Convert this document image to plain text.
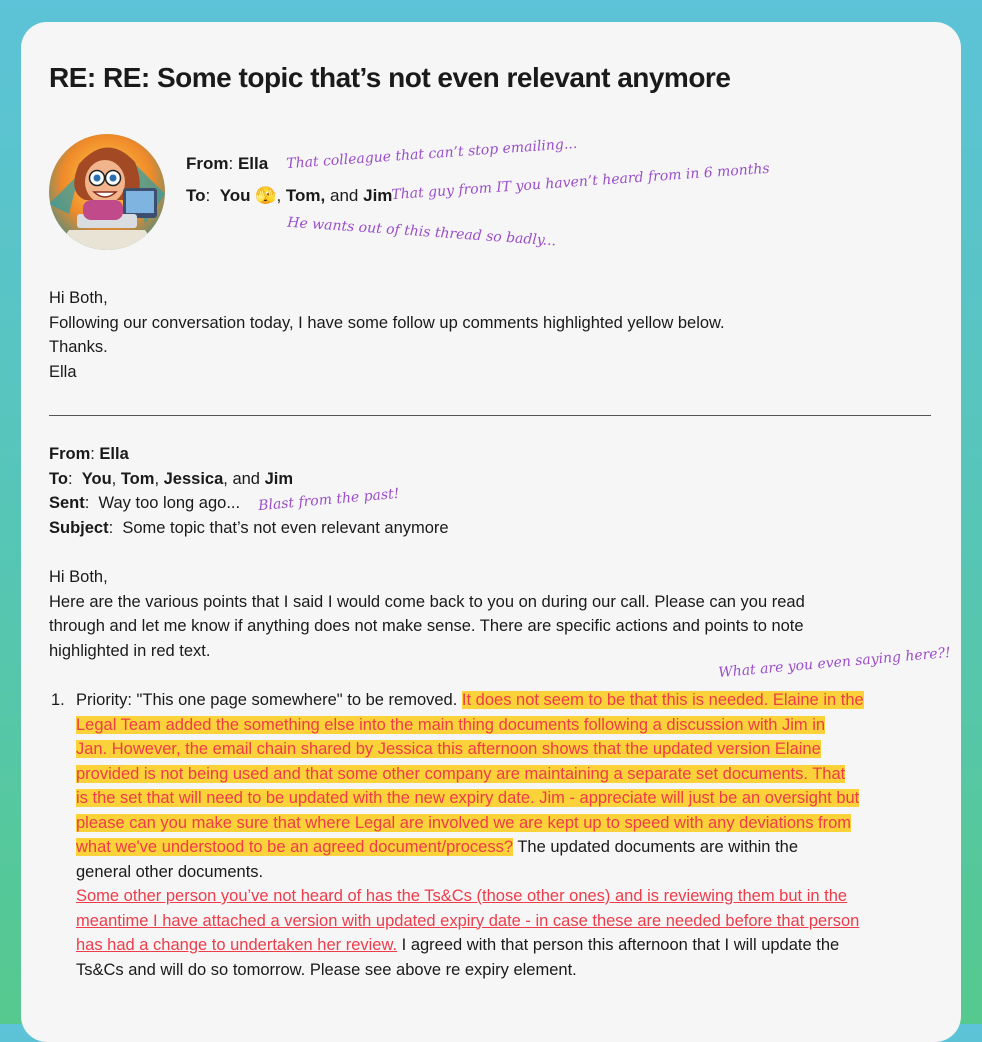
RE: RE: Some topic that’s not even relevant anymore
From: Ella
To:  You 🫣, Tom, and Jim
That colleague that can’t stop emailing...
That guy from IT you haven’t heard from in 6 months
He wants out of this thread so badly...
Hi Both,
Following our conversation today, I have some follow up comments highlighted yellow below.
Thanks.
Ella
From: Ella
To:  You, Tom, Jessica, and Jim
Sent:  Way too long ago...
Subject:  Some topic that’s not even relevant anymore
Blast from the past!
Hi Both,
Here are the various points that I said I would come back to you on during our call. Please can you read
through and let me know if anything does not make sense. There are specific actions and points to note
highlighted in red text.	What are you even saying here?!
1. Priority: "This one page somewhere" to be removed. It does not seem to be that this is needed. Elaine in the
Legal Team added the something else into the main thing documents following a discussion with Jim in
Jan. However, the email chain shared by Jessica this afternoon shows that the updated version Elaine
provided is not being used and that some other company are maintaining a separate set documents. That
is the set that will need to be updated with the new expiry date. Jim - appreciate will just be an oversight but
please can you make sure that where Legal are involved we are kept up to speed with any deviations from
what we've understood to be an agreed document/process? The updated documents are within the
general other documents.
Some other person you’ve not heard of has the Ts&Cs (those other ones) and is reviewing them but in the
meantime I have attached a version with updated expiry date - in case these are needed before that person
has had a change to undertaken her review. I agreed with that person this afternoon that I will update the
Ts&Cs and will do so tomorrow. Please see above re expiry element.
